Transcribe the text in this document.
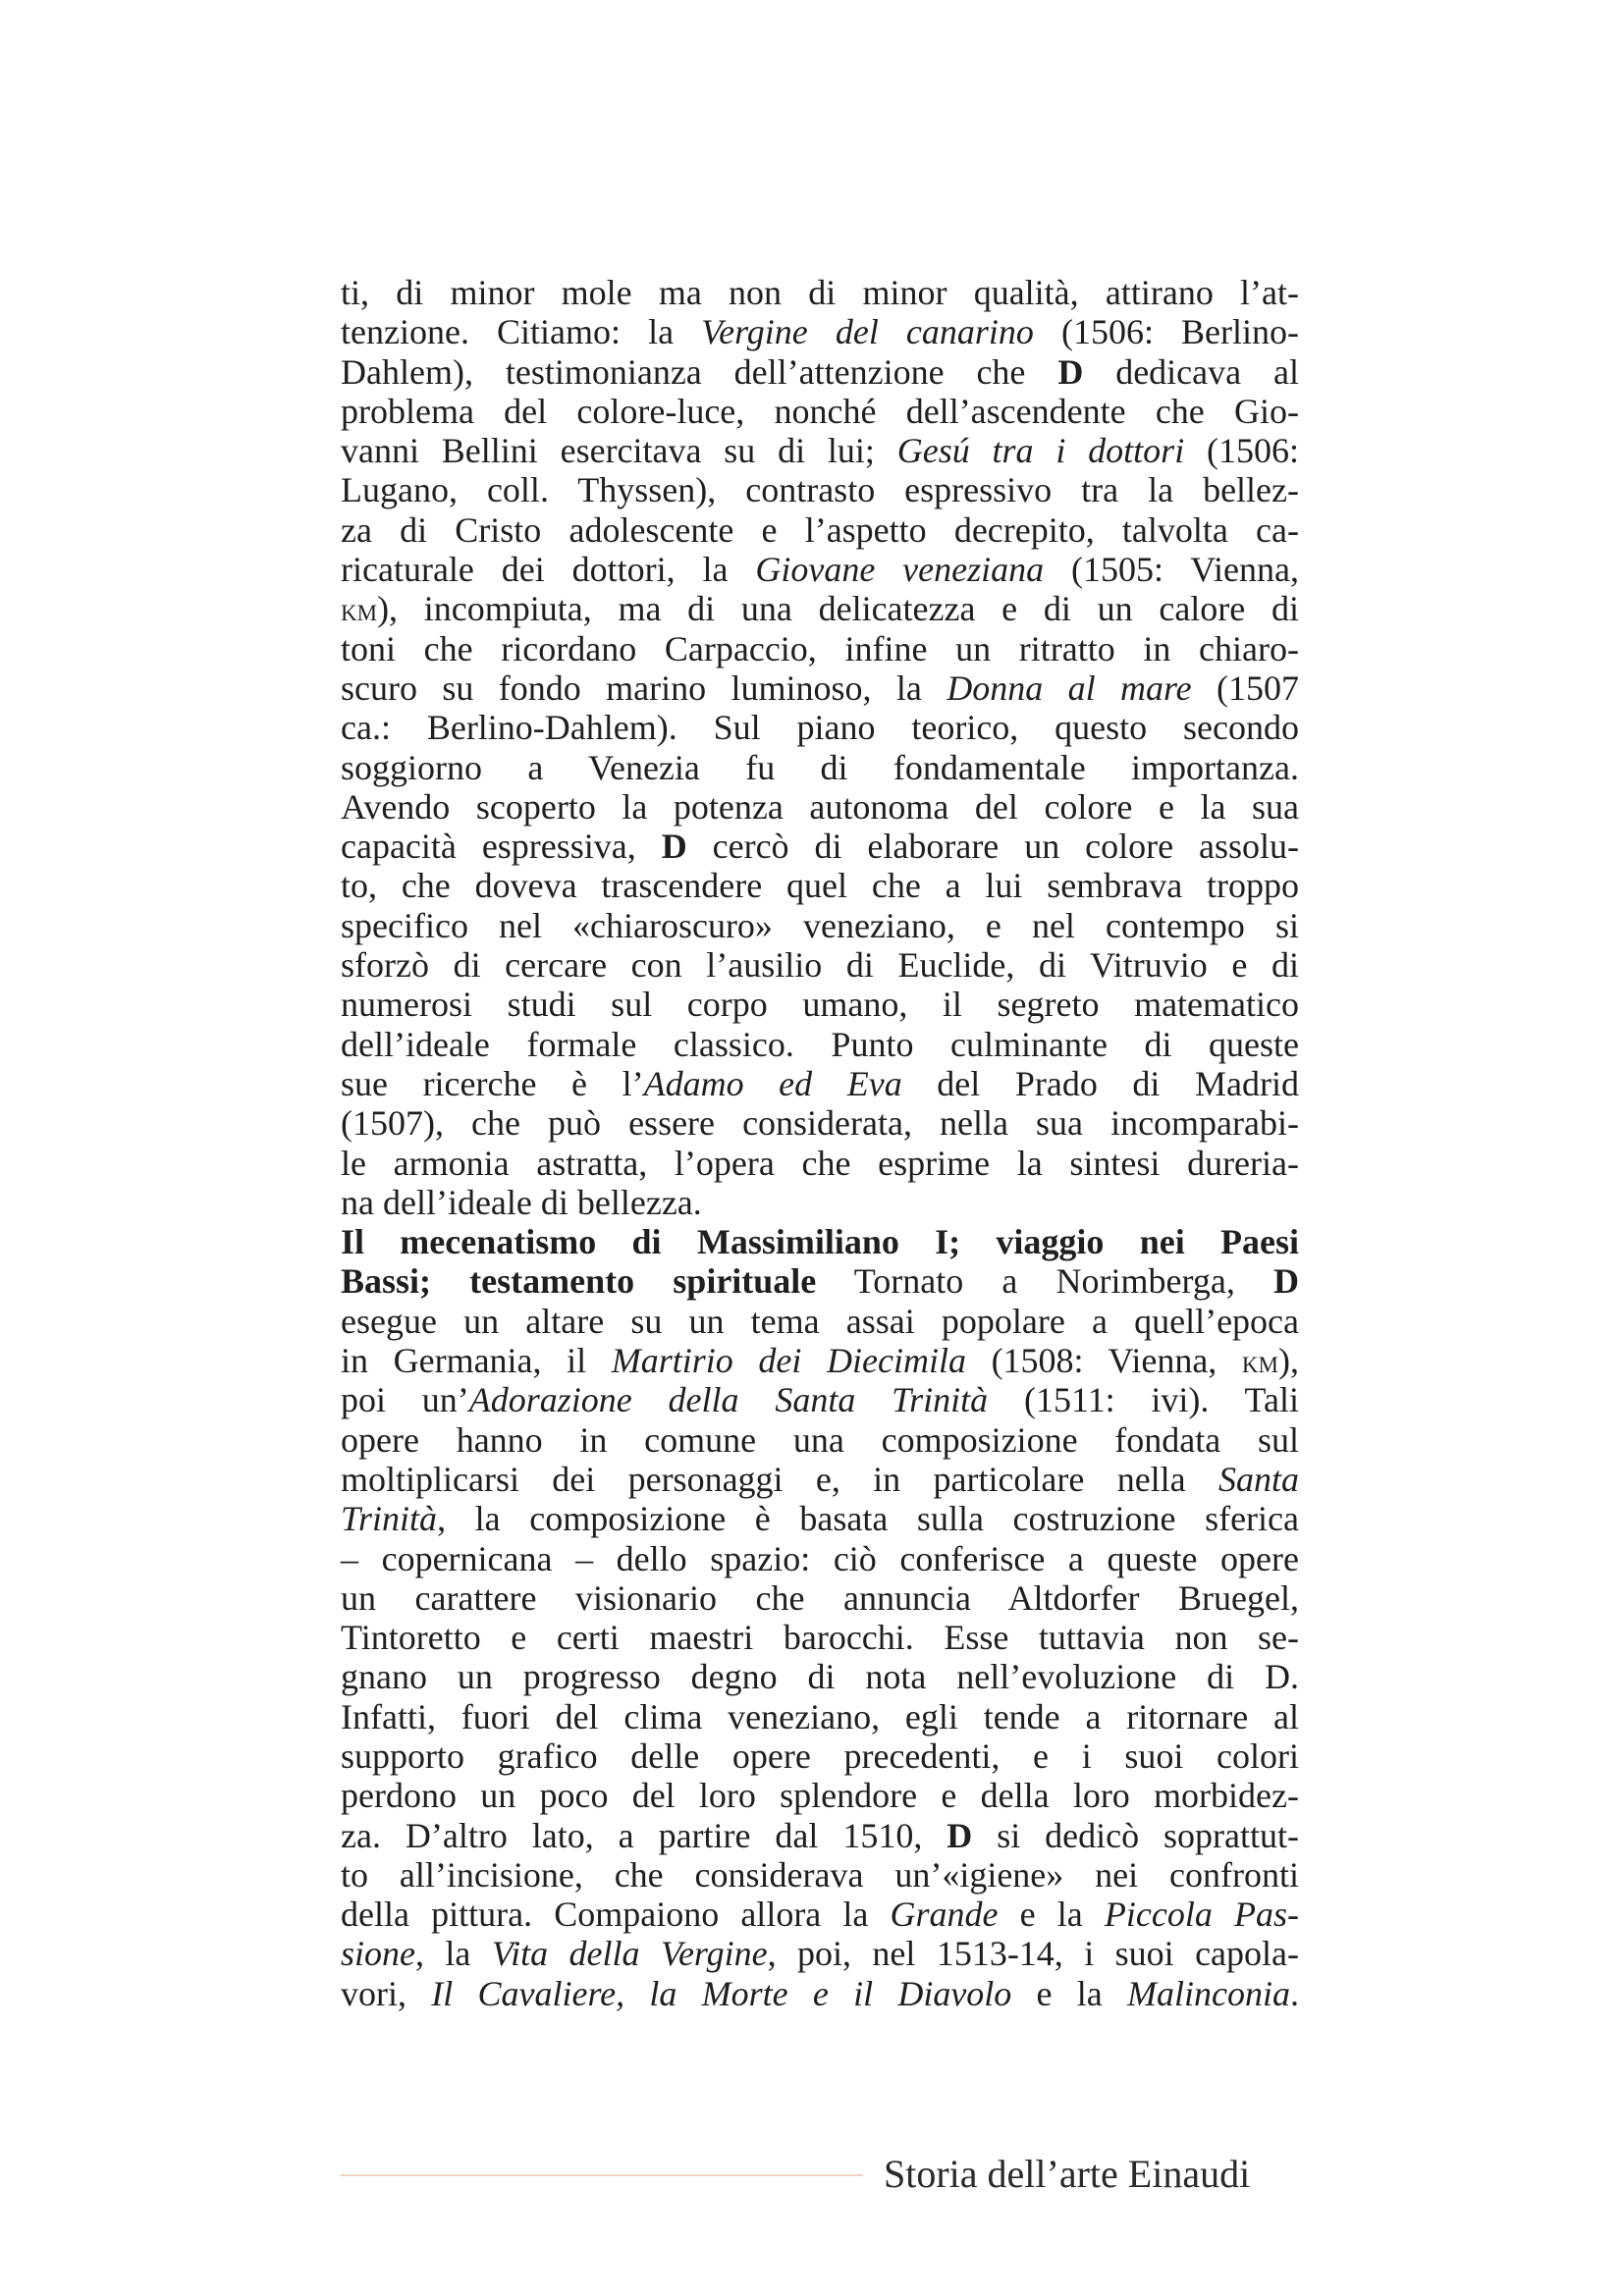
ti, di minor mole ma non di minor qualità, attirano l’at-
tenzione. Citiamo: la Vergine del canarino (1506: Berlino-
Dahlem), testimonianza dell’attenzione che D dedicava al
problema del colore-luce, nonché dell’ascendente che Gio-
vanni Bellini esercitava su di lui; Gesú tra i dottori (1506:
Lugano, coll. Thyssen), contrasto espressivo tra la bellez-
za di Cristo adolescente e l’aspetto decrepito, talvolta ca-
ricaturale dei dottori, la Giovane veneziana (1505: Vienna,
km), incompiuta, ma di una delicatezza e di un calore di
toni che ricordano Carpaccio, infine un ritratto in chiaro-
scuro su fondo marino luminoso, la Donna al mare (1507
ca.: Berlino-Dahlem). Sul piano teorico, questo secondo
soggiorno a Venezia fu di fondamentale importanza.
Avendo scoperto la potenza autonoma del colore e la sua
capacità espressiva, D cercò di elaborare un colore assolu-
to, che doveva trascendere quel che a lui sembrava troppo
specifico nel «chiaroscuro» veneziano, e nel contempo si
sforzò di cercare con l’ausilio di Euclide, di Vitruvio e di
numerosi studi sul corpo umano, il segreto matematico
dell’ideale formale classico. Punto culminante di queste
sue ricerche è l’Adamo ed Eva del Prado di Madrid
(1507), che può essere considerata, nella sua incomparabi-
le armonia astratta, l’opera che esprime la sintesi dureria-
na dell’ideale di bellezza.
Il mecenatismo di Massimiliano I; viaggio nei Paesi
Bassi; testamento spirituale Tornato a Norimberga, D
esegue un altare su un tema assai popolare a quell’epoca
in Germania, il Martirio dei Diecimila (1508: Vienna, km),
poi un’Adorazione della Santa Trinità (1511: ivi). Tali
opere hanno in comune una composizione fondata sul
moltiplicarsi dei personaggi e, in particolare nella Santa
Trinità, la composizione è basata sulla costruzione sferica
– copernicana – dello spazio: ciò conferisce a queste opere
un carattere visionario che annuncia Altdorfer Bruegel,
Tintoretto e certi maestri barocchi. Esse tuttavia non se-
gnano un progresso degno di nota nell’evoluzione di D.
Infatti, fuori del clima veneziano, egli tende a ritornare al
supporto grafico delle opere precedenti, e i suoi colori
perdono un poco del loro splendore e della loro morbidez-
za. D’altro lato, a partire dal 1510, D si dedicò soprattut-
to all’incisione, che considerava un’«igiene» nei confronti
della pittura. Compaiono allora la Grande e la Piccola Pas-
sione, la Vita della Vergine, poi, nel 1513-14, i suoi capola-
vori, Il Cavaliere, la Morte e il Diavolo e la Malinconia.
Storia dell’arte Einaudi
